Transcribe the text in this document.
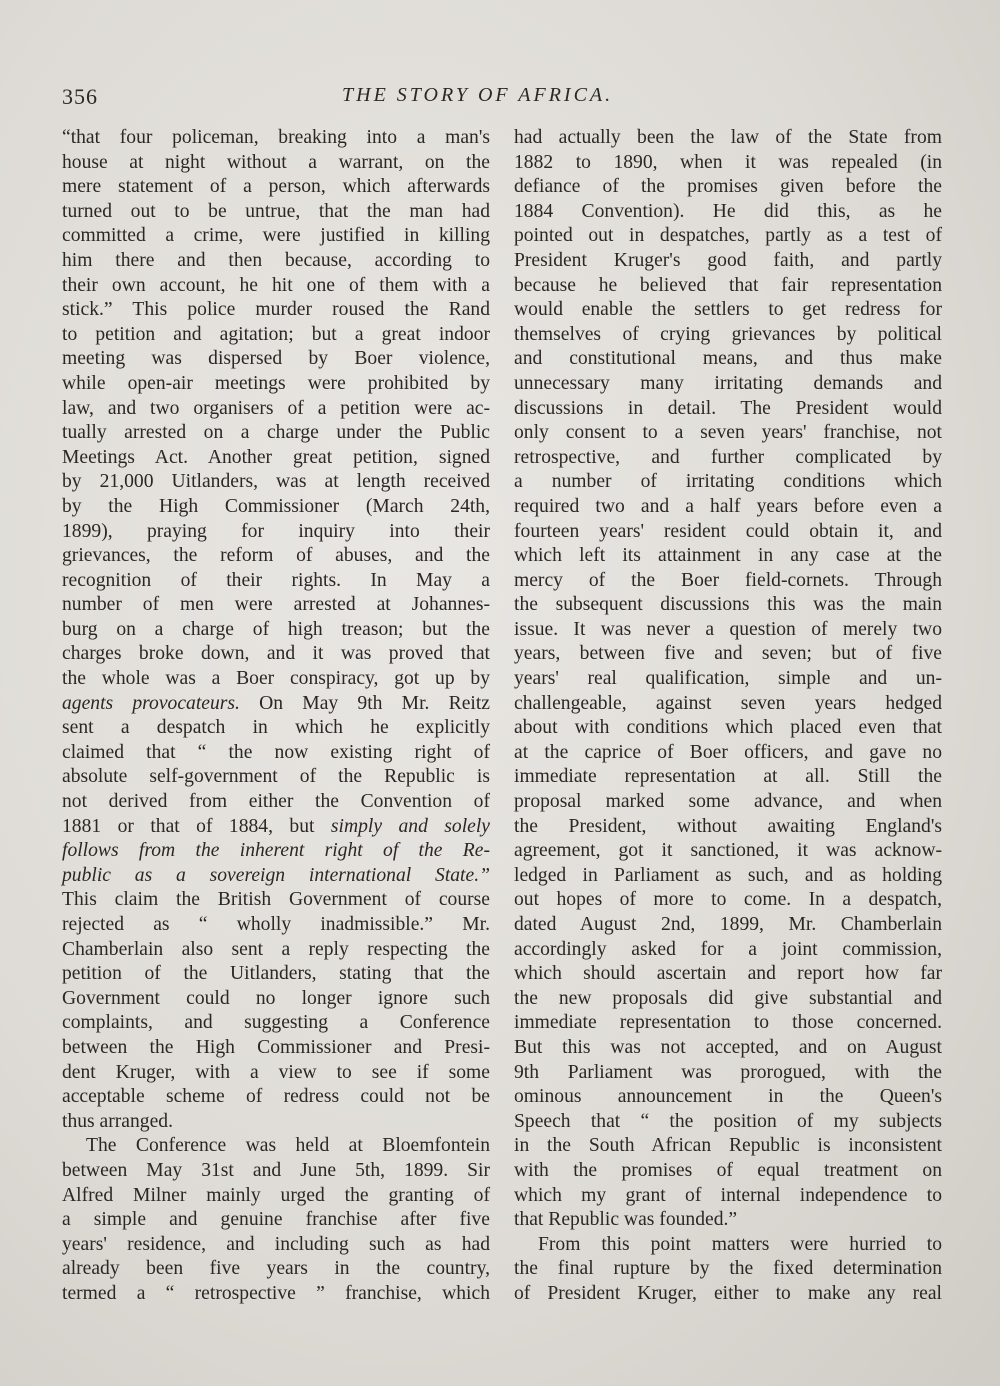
356	THE STORY OF AFRICA.
“that four policeman, breaking into a man's
house at night without a warrant, on the
mere statement of a person, which afterwards
turned out to be untrue, that the man had
committed a crime, were justified in killing
him there and then because, according to
their own account, he hit one of them with a
stick.” This police murder roused the Rand
to petition and agitation; but a great indoor
meeting was dispersed by Boer violence,
while open-air meetings were prohibited by
law, and two organisers of a petition were ac-
tually arrested on a charge under the Public
Meetings Act. Another great petition, signed
by 21,000 Uitlanders, was at length received
by the High Commissioner (March 24th,
1899), praying for inquiry into their
grievances, the reform of abuses, and the
recognition of their rights. In May a
number of men were arrested at Johannes-
burg on a charge of high treason; but the
charges broke down, and it was proved that
the whole was a Boer conspiracy, got up by
agents provocateurs. On May 9th Mr. Reitz
sent a despatch in which he explicitly
claimed that “ the now existing right of
absolute self-government of the Republic is
not derived from either the Convention of
1881 or that of 1884, but simply and solely
follows from the inherent right of the Re-
public as a sovereign international State.”
This claim the British Government of course
rejected as “ wholly inadmissible.” Mr.
Chamberlain also sent a reply respecting the
petition of the Uitlanders, stating that the
Government could no longer ignore such
complaints, and suggesting a Conference
between the High Commissioner and Presi-
dent Kruger, with a view to see if some
acceptable scheme of redress could not be
thus arranged.
The Conference was held at Bloemfontein
between May 31st and June 5th, 1899. Sir
Alfred Milner mainly urged the granting of
a simple and genuine franchise after five
years' residence, and including such as had
already been five years in the country,
termed a “ retrospective ” franchise, which
had actually been the law of the State from
1882 to 1890, when it was repealed (in
defiance of the promises given before the
1884 Convention). He did this, as he
pointed out in despatches, partly as a test of
President Kruger's good faith, and partly
because he believed that fair representation
would enable the settlers to get redress for
themselves of crying grievances by political
and constitutional means, and thus make
unnecessary many irritating demands and
discussions in detail. The President would
only consent to a seven years' franchise, not
retrospective, and further complicated by
a number of irritating conditions which
required two and a half years before even a
fourteen years' resident could obtain it, and
which left its attainment in any case at the
mercy of the Boer field-cornets. Through
the subsequent discussions this was the main
issue. It was never a question of merely two
years, between five and seven; but of five
years' real qualification, simple and un-
challengeable, against seven years hedged
about with conditions which placed even that
at the caprice of Boer officers, and gave no
immediate representation at all. Still the
proposal marked some advance, and when
the President, without awaiting England's
agreement, got it sanctioned, it was acknow-
ledged in Parliament as such, and as holding
out hopes of more to come. In a despatch,
dated August 2nd, 1899, Mr. Chamberlain
accordingly asked for a joint commission,
which should ascertain and report how far
the new proposals did give substantial and
immediate representation to those concerned.
But this was not accepted, and on August
9th Parliament was prorogued, with the
ominous announcement in the Queen's
Speech that “ the position of my subjects
in the South African Republic is inconsistent
with the promises of equal treatment on
which my grant of internal independence to
that Republic was founded.”
From this point matters were hurried to
the final rupture by the fixed determination
of President Kruger, either to make any real
